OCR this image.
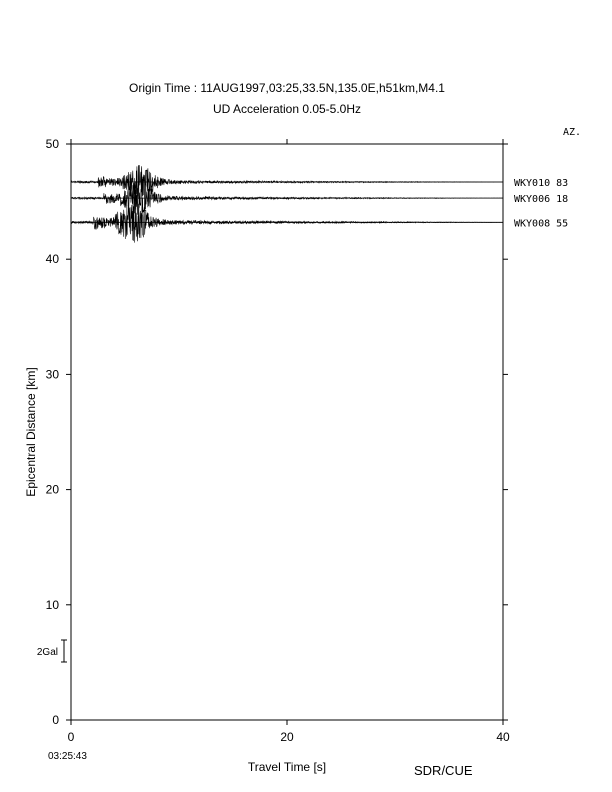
Origin Time : 11AUG1997,03:25,33.5N,135.0E,h51km,M4.1
UD Acceleration 0.05-5.0Hz
AZ.
0
10
20
30
40
50
0	20	40
WKY010 83
WKY006 18
WKY008 55
2Gal
03:25:43
Travel Time [s]
Epicentral Distance [km]
SDR/CUE
